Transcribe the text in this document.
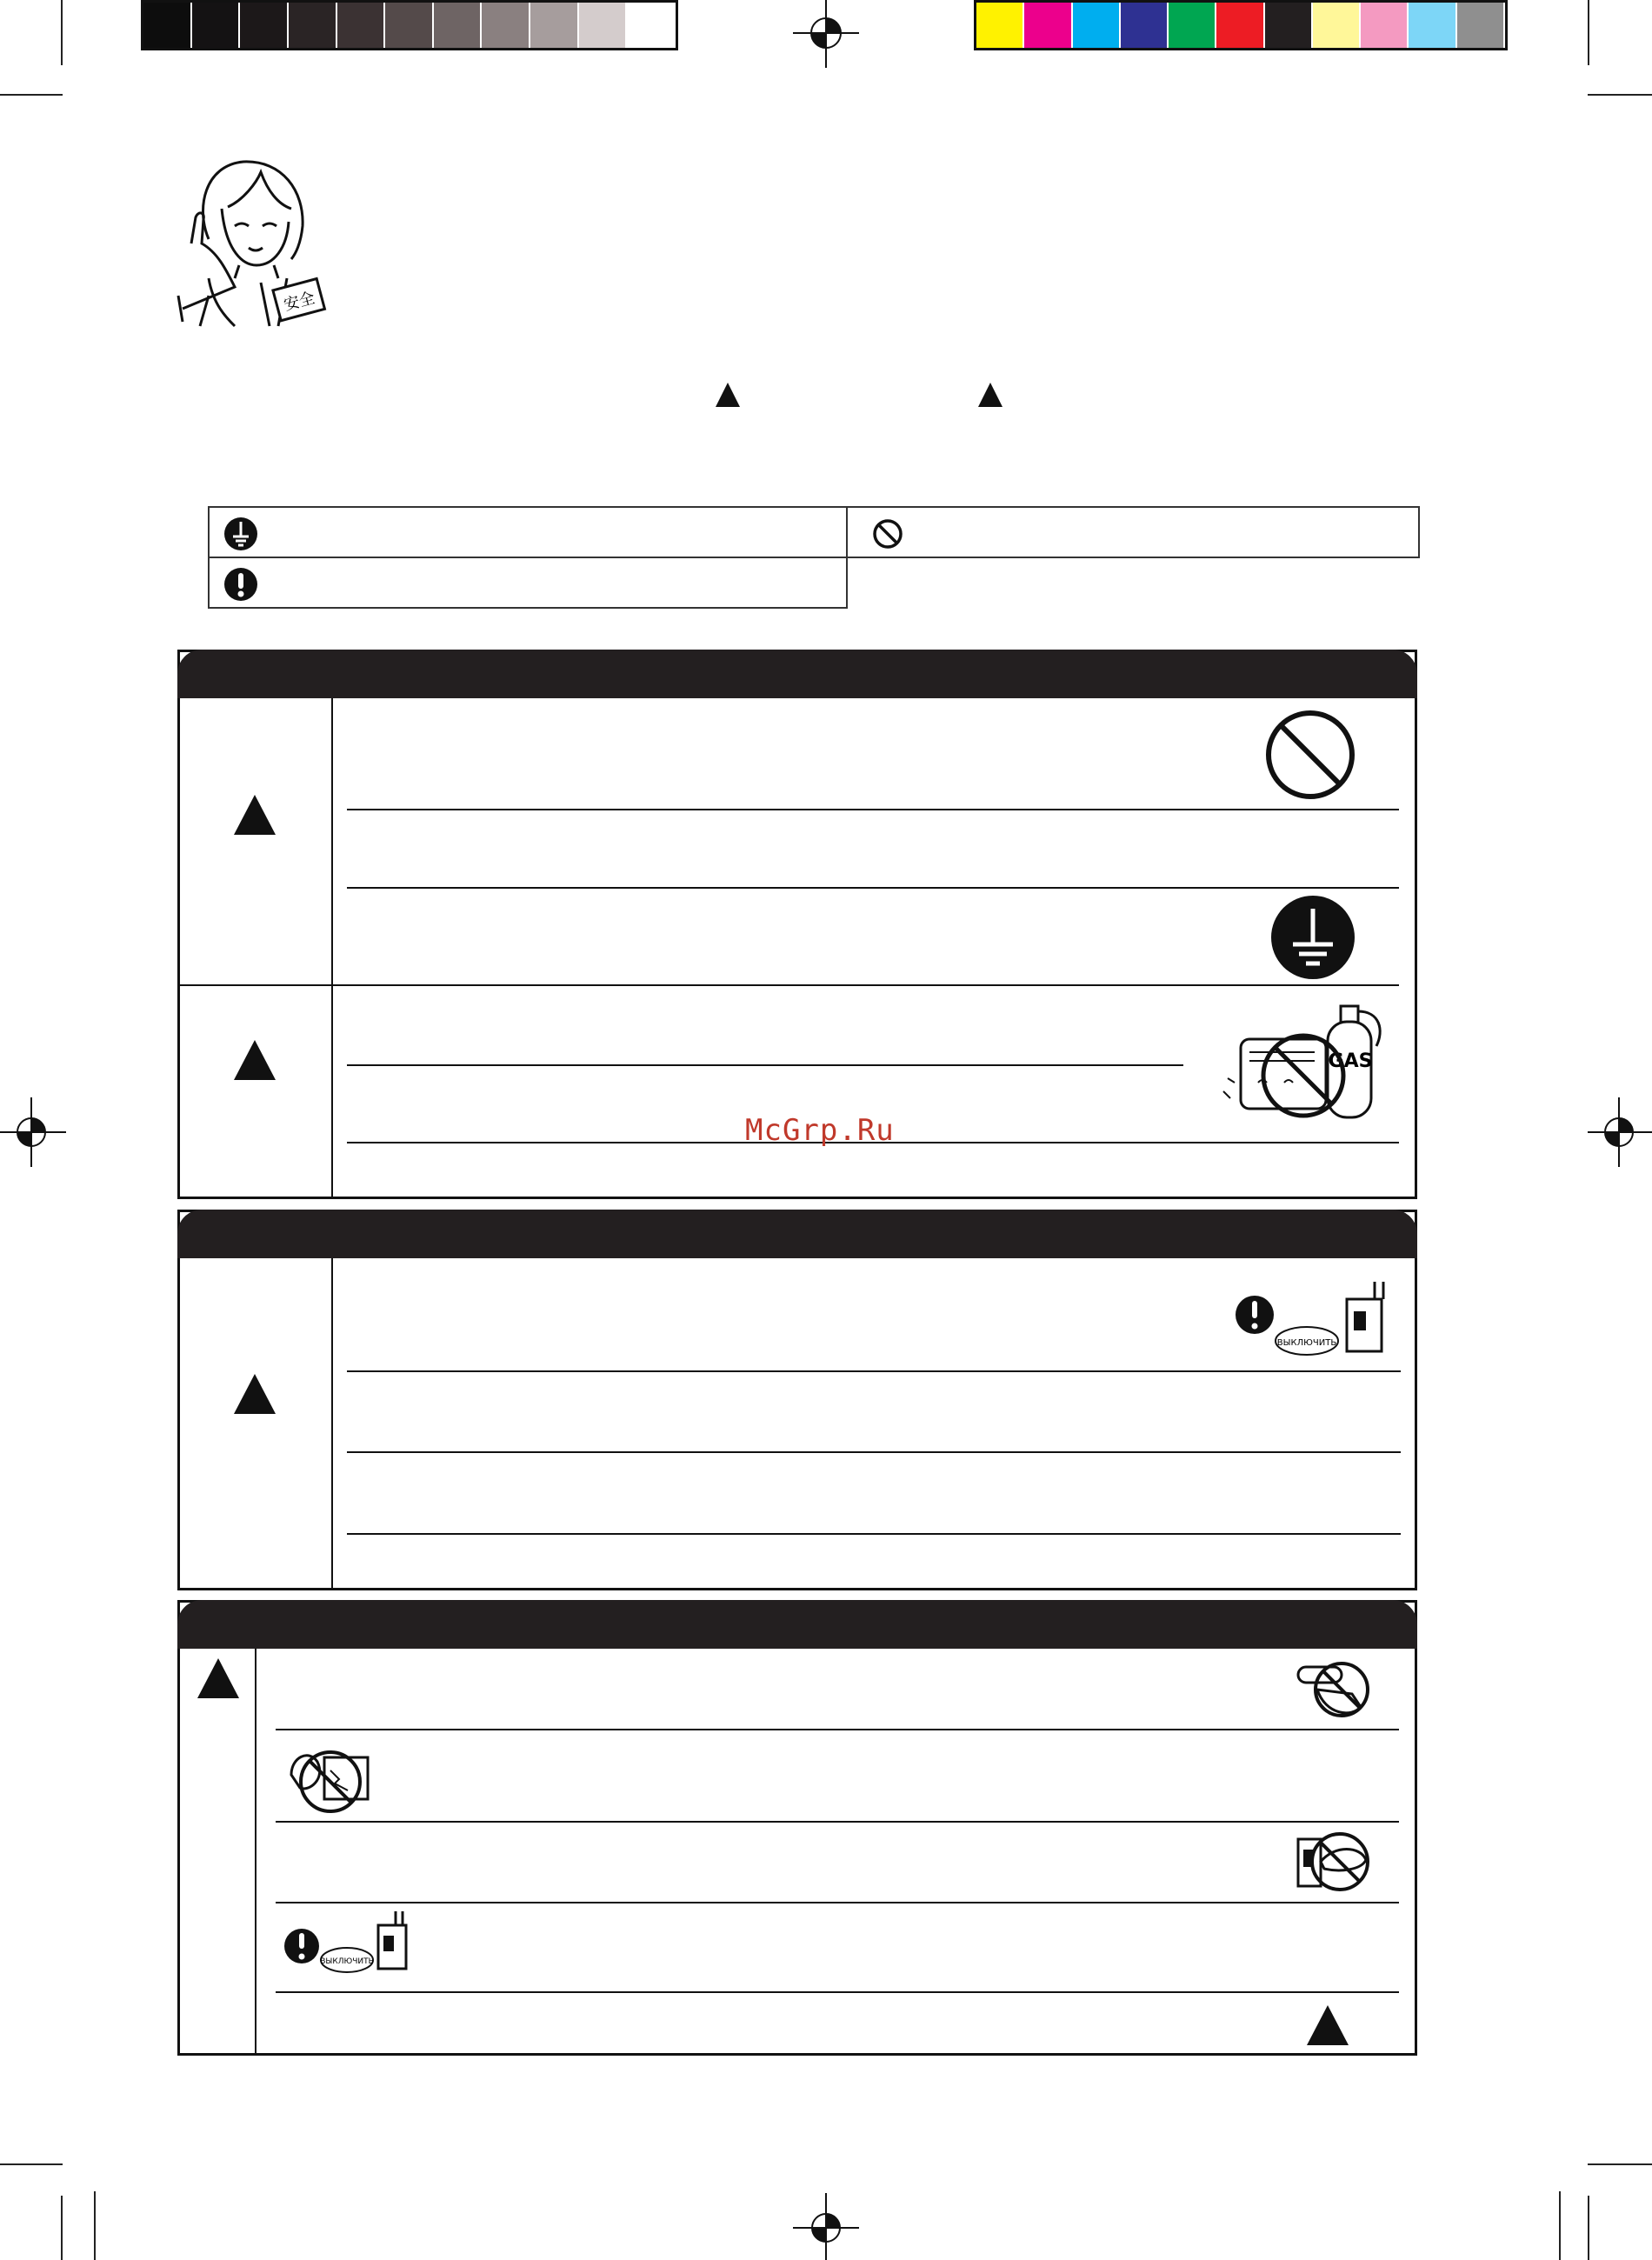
安全
GAS
ВЫКЛЮЧИТЬ
ВЫКЛЮЧИТЬ
McGrp.Ru
